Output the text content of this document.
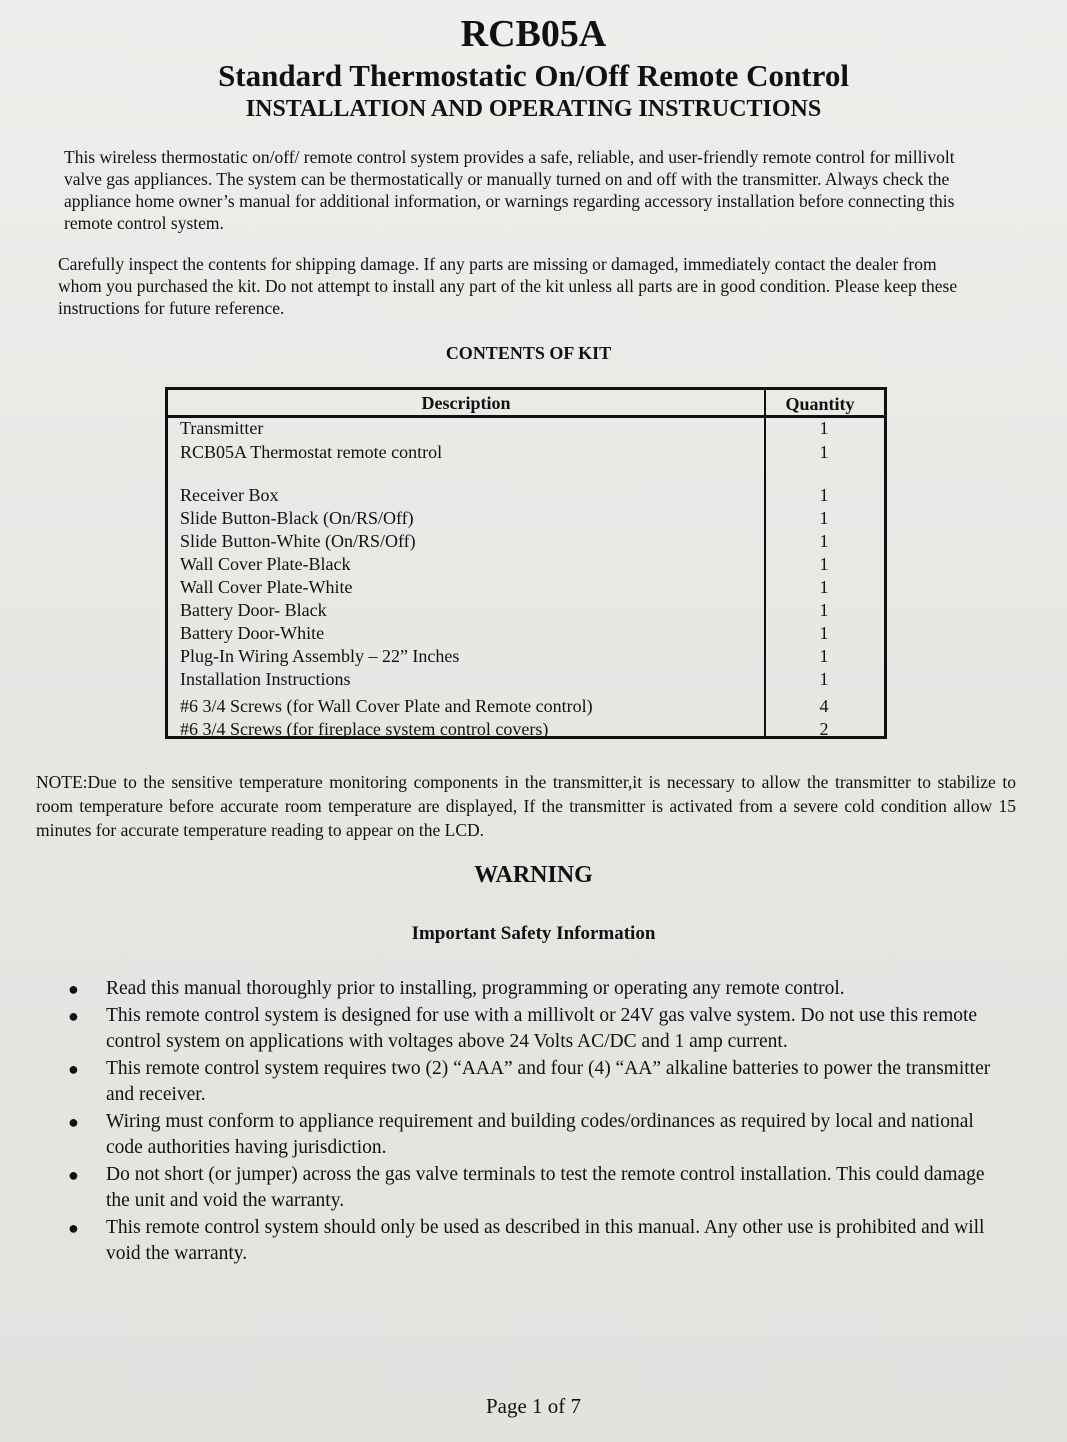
RCB05A
Standard Thermostatic On/Off Remote Control
INSTALLATION AND OPERATING INSTRUCTIONS

This wireless thermostatic on/off/ remote control system provides a safe, reliable, and user-friendly remote control for millivolt valve gas appliances. The system can be thermostatically or manually turned on and off with the transmitter. Always check the appliance home owner’s manual for additional information, or warnings regarding accessory installation before connecting this remote control system.

Carefully inspect the contents for shipping damage. If any parts are missing or damaged, immediately contact the dealer from whom you purchased the kit. Do not attempt to install any part of the kit unless all parts are in good condition. Please keep these instructions for future reference.

CONTENTS OF KIT
Description	Quantity
Transmitter	1
RCB05A Thermostat remote control	1
Receiver Box	1
Slide Button-Black (On/RS/Off)	1
Slide Button-White (On/RS/Off)	1
Wall Cover Plate-Black	1
Wall Cover Plate-White	1
Battery Door- Black	1
Battery Door-White	1
Plug-In Wiring Assembly – 22” Inches	1
Installation Instructions	1
#6 3/4 Screws (for Wall Cover Plate and Remote control)	4
#6 3/4 Screws (for fireplace system control covers)	2

NOTE:Due to the sensitive temperature monitoring components in the transmitter,it is necessary to allow the transmitter to stabilize to room temperature before accurate room temperature are displayed, If the transmitter is activated from a severe cold condition allow 15 minutes for accurate temperature reading to appear on the LCD.

WARNING
Important Safety Information
● Read this manual thoroughly prior to installing, programming or operating any remote control.
● This remote control system is designed for use with a millivolt or 24V gas valve system. Do not use this remote control system on applications with voltages above 24 Volts AC/DC and 1 amp current.
● This remote control system requires two (2) “AAA” and four (4) “AA” alkaline batteries to power the transmitter and receiver.
● Wiring must conform to appliance requirement and building codes/ordinances as required by local and national code authorities having jurisdiction.
● Do not short (or jumper) across the gas valve terminals to test the remote control installation. This could damage the unit and void the warranty.
● This remote control system should only be used as described in this manual. Any other use is prohibited and will void the warranty.
Page 1 of 7
